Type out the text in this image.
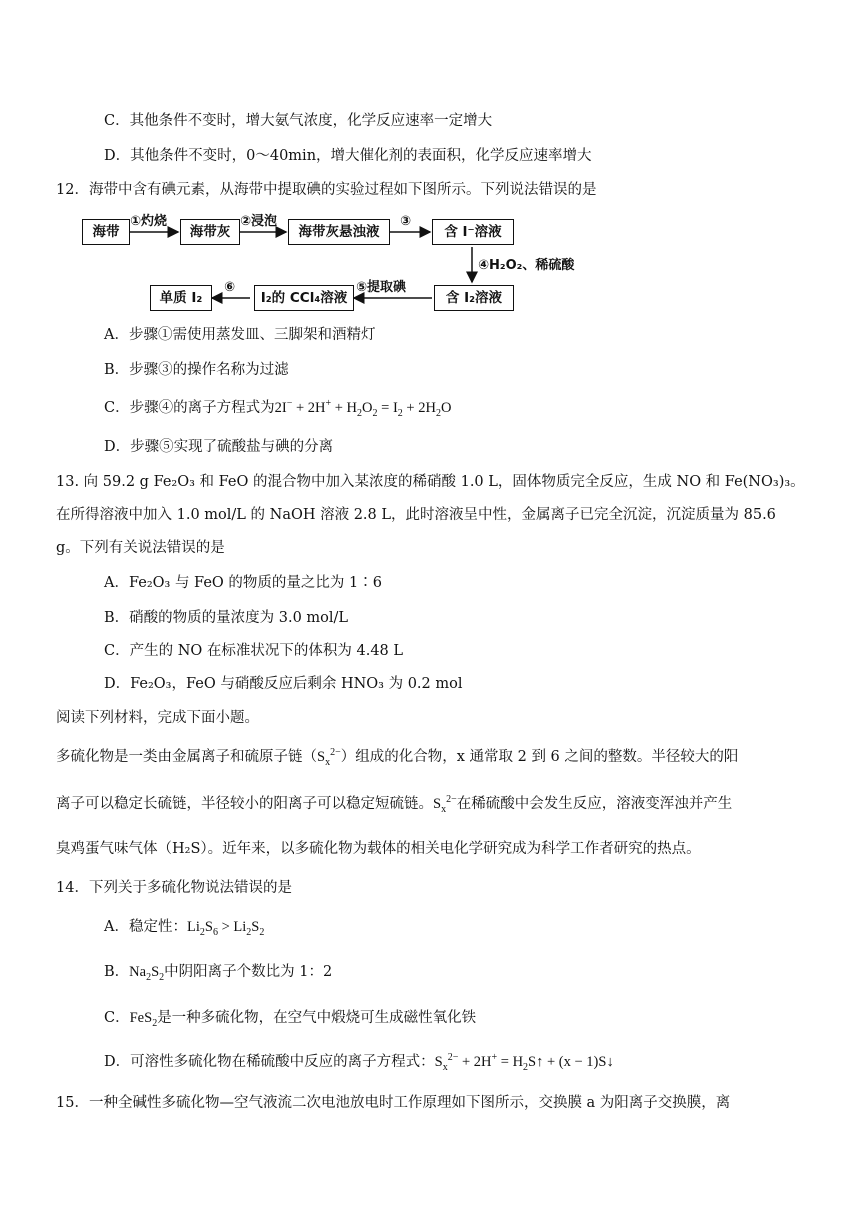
C．其他条件不变时，增大氨气浓度，化学反应速率一定增大
D．其他条件不变时，0～40min，增大催化剂的表面积，化学反应速率增大
12．海带中含有碘元素，从海带中提取碘的实验过程如下图所示。下列说法错误的是
海带	海带灰	海带灰悬浊液	含 I⁻溶液
含 I₂溶液
I₂的 CCl₄溶液
单质 I₂
①灼烧	②浸泡	③
④H₂O₂、稀硫酸
⑤提取碘
⑥
A．步骤①需使用蒸发皿、三脚架和酒精灯
B．步骤③的操作名称为过滤
C．步骤④的离子方程式为$2I^- + 2H^+ + H_2O_2 = I_2 + 2H_2O$
D．步骤⑤实现了硫酸盐与碘的分离
13. 向 59.2 g Fe₂O₃ 和 FeO 的混合物中加入某浓度的稀硝酸 1.0 L，固体物质完全反应，生成 NO 和 Fe(NO₃)₃。
在所得溶液中加入 1.0 mol/L 的 NaOH 溶液 2.8 L，此时溶液呈中性，金属离子已完全沉淀，沉淀质量为 85.6
g。下列有关说法错误的是
A．Fe₂O₃ 与 FeO 的物质的量之比为 1∶6
B．硝酸的物质的量浓度为 3.0 mol/L
C．产生的 NO 在标准状况下的体积为 4.48 L
D．Fe₂O₃，FeO 与硝酸反应后剩余 HNO₃ 为 0.2 mol
阅读下列材料，完成下面小题。
多硫化物是一类由金属离子和硫原子链$(S_x^{2-})$组成的化合物，x 通常取 2 到 6 之间的整数。半径较大的阳
离子可以稳定长硫链，半径较小的阳离子可以稳定短硫链。$S_x^{2-}$在稀硫酸中会发生反应，溶液变浑浊并产生
臭鸡蛋气味气体（H₂S）。近年来，以多硫化物为载体的相关电化学研究成为科学工作者研究的热点。
14．下列关于多硫化物说法错误的是
A．稳定性：$Li_2S_6 > Li_2S_2$
B．$Na_2S_2$中阴阳离子个数比为 1：2
C．FeS$_2$是一种多硫化物，在空气中煅烧可生成磁性氧化铁
D．可溶性多硫化物在稀硫酸中反应的离子方程式：$S_x^{2-} + 2H^+$ = $H_2S↑ + (x$ − 1)S↓
15．一种全碱性多硫化物—空气液流二次电池放电时工作原理如下图所示，交换膜 a 为阳离子交换膜，离
